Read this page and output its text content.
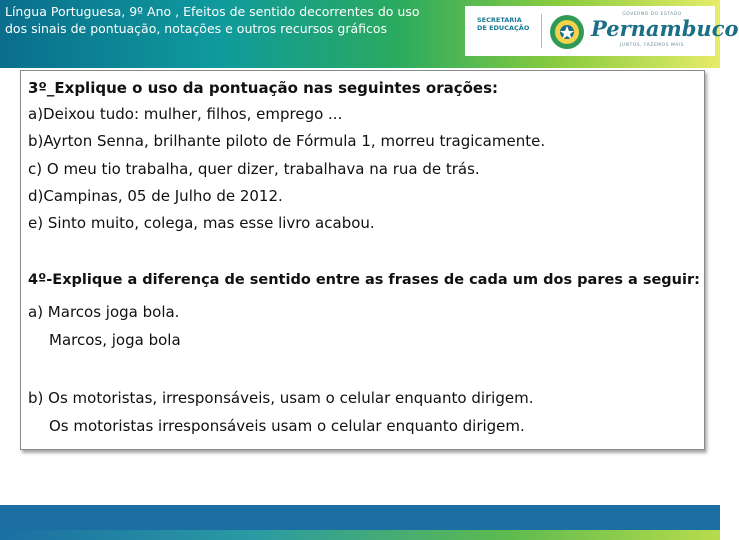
Língua Portuguesa, 9º Ano , Efeitos de sentido decorrentes do uso
dos sinais de pontuação, notações e outros recursos gráficos
SECRETARIA
DE EDUCAÇÃO
GOVERNO DO ESTADO
Pernambuco
JUNTOS, FAZEMOS MAIS
3º_Explique o uso da pontuação nas seguintes orações:
a)Deixou tudo: mulher, filhos, emprego ...
b)Ayrton Senna, brilhante piloto de Fórmula 1, morreu tragicamente.
c) O meu tio trabalha, quer dizer, trabalhava na rua de trás.
d)Campinas, 05 de Julho de 2012.
e) Sinto muito, colega, mas esse livro acabou.
4º-Explique a diferença de sentido entre as frases de cada um dos pares a seguir:
a) Marcos joga bola.
Marcos, joga bola
b) Os motoristas, irresponsáveis, usam o celular enquanto dirigem.
Os motoristas irresponsáveis usam o celular enquanto dirigem.
